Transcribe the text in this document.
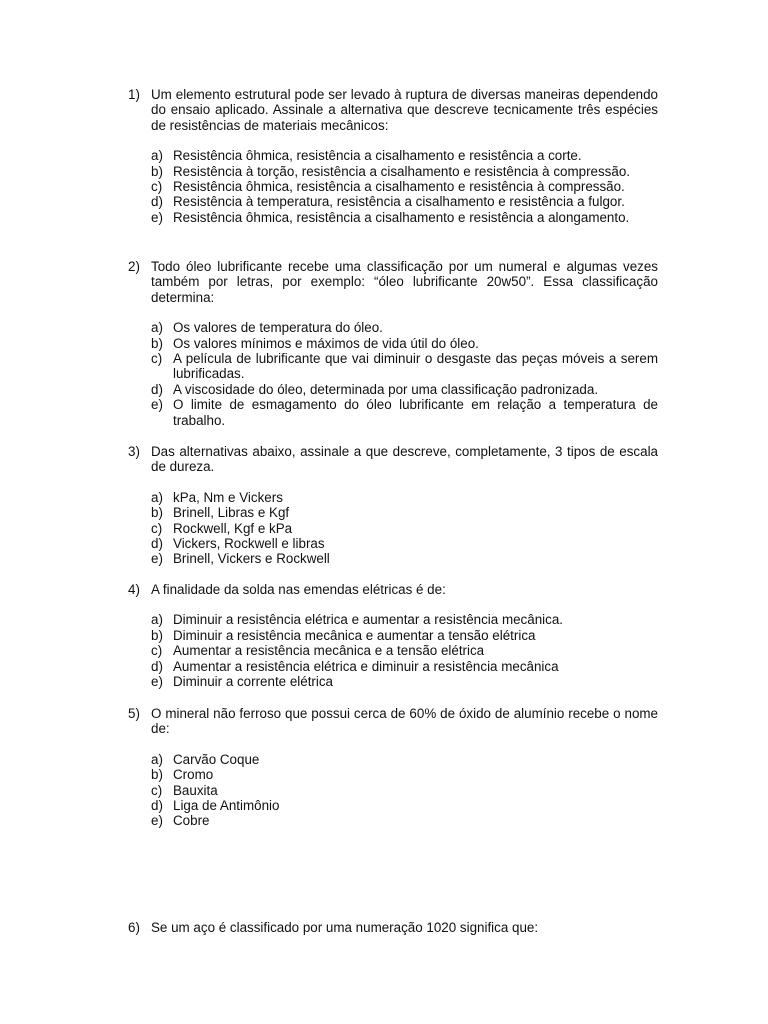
1) Um elemento estrutural pode ser levado à ruptura de diversas maneiras dependendo do ensaio aplicado. Assinale a alternativa que descreve tecnicamente três espécies de resistências de materiais mecânicos:
a) Resistência ôhmica, resistência a cisalhamento e resistência a corte.
b) Resistência à torção, resistência a cisalhamento e resistência à compressão.
c) Resistência ôhmica, resistência a cisalhamento e resistência à compressão.
d) Resistência à temperatura, resistência a cisalhamento e resistência a fulgor.
e) Resistência ôhmica, resistência a cisalhamento e resistência a alongamento.
2) Todo óleo lubrificante recebe uma classificação por um numeral e algumas vezes também por letras, por exemplo: “óleo lubrificante 20w50”. Essa classificação determina:
a) Os valores de temperatura do óleo.
b) Os valores mínimos e máximos de vida útil do óleo.
c) A película de lubrificante que vai diminuir o desgaste das peças móveis a serem lubrificadas.
d) A viscosidade do óleo, determinada por uma classificação padronizada.
e) O limite de esmagamento do óleo lubrificante em relação a temperatura de trabalho.
3) Das alternativas abaixo, assinale a que descreve, completamente, 3 tipos de escala de dureza.
a) kPa, Nm e Vickers
b) Brinell, Libras e Kgf
c) Rockwell, Kgf e kPa
d) Vickers, Rockwell e libras
e) Brinell, Vickers e Rockwell
4) A finalidade da solda nas emendas elétricas é de:
a) Diminuir a resistência elétrica e aumentar a resistência mecânica.
b) Diminuir a resistência mecânica e aumentar a tensão elétrica
c) Aumentar a resistência mecânica e a tensão elétrica
d) Aumentar a resistência elétrica e diminuir a resistência mecânica
e) Diminuir a corrente elétrica
5) O mineral não ferroso que possui cerca de 60% de óxido de alumínio recebe o nome de:
a) Carvão Coque
b) Cromo
c) Bauxita
d) Liga de Antimônio
e) Cobre
6) Se um aço é classificado por uma numeração 1020 significa que:
